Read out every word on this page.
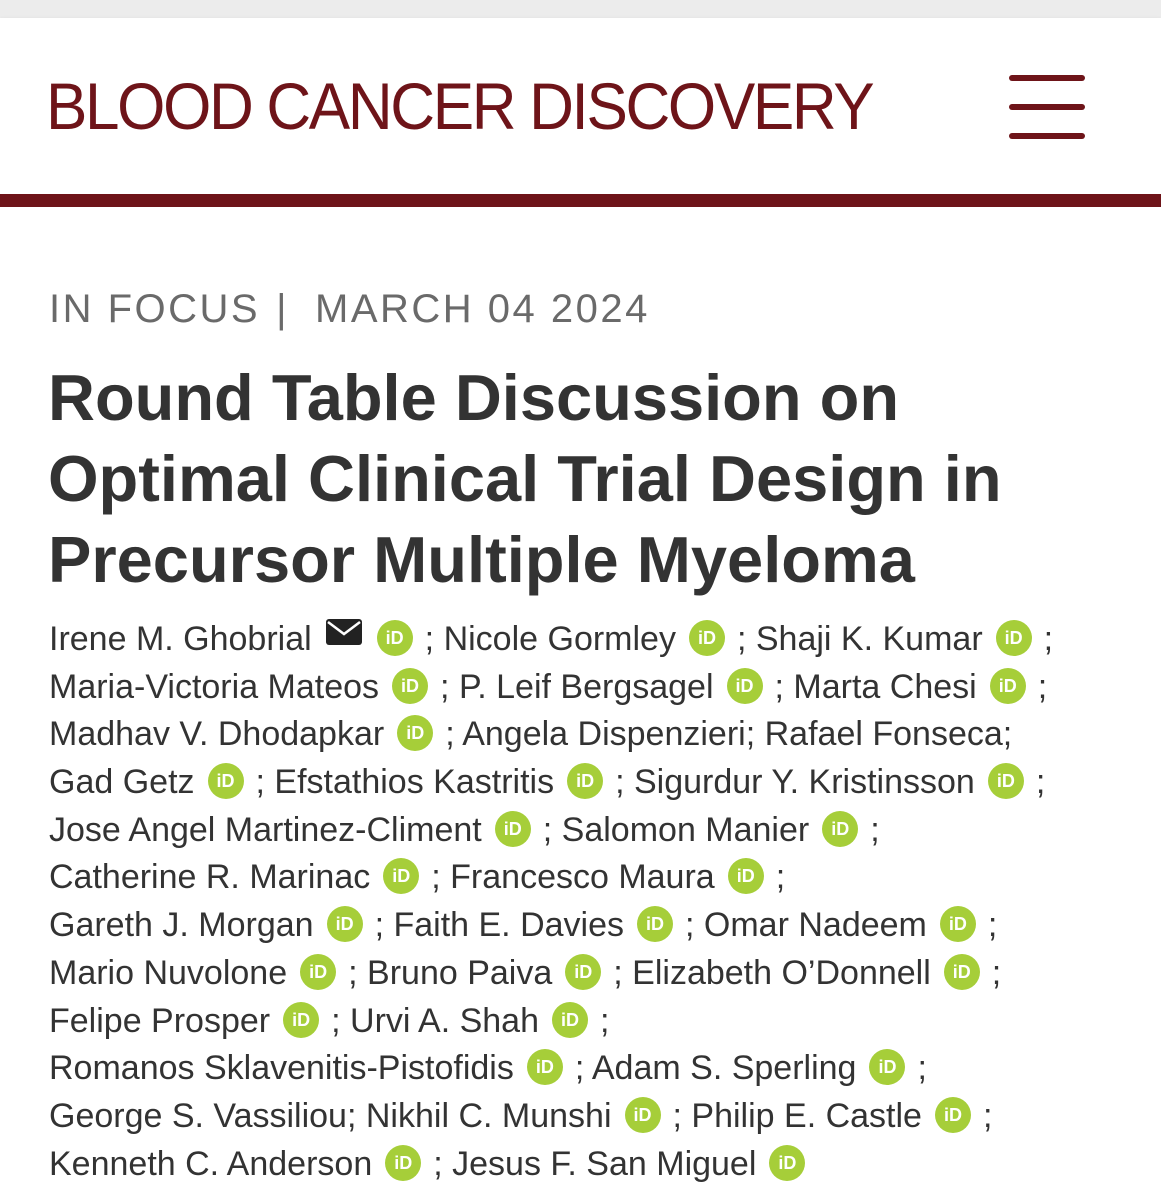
BLOOD CANCER DISCOVERY
IN FOCUS | MARCH 04 2024
Round Table Discussion on
Optimal Clinical Trial Design in
Precursor Multiple Myeloma
Irene M. Ghobrial	iD ; Nicole Gormley iD ; Shaji K. Kumar iD ;
Maria-Victoria Mateos iD ; P. Leif Bergsagel iD ; Marta Chesi iD ;
Madhav V. Dhodapkar iD ; Angela Dispenzieri; Rafael Fonseca;
Gad Getz iD ; Efstathios Kastritis iD ; Sigurdur Y. Kristinsson iD ;
Jose Angel Martinez-Climent iD ; Salomon Manier iD ;
Catherine R. Marinac iD ; Francesco Maura iD ;
Gareth J. Morgan iD ; Faith E. Davies iD ; Omar Nadeem iD ;
Mario Nuvolone iD ; Bruno Paiva iD ; Elizabeth O’Donnell iD ;
Felipe Prosper iD ; Urvi A. Shah iD ;
Romanos Sklavenitis-Pistofidis iD ; Adam S. Sperling iD ;
George S. Vassiliou; Nikhil C. Munshi iD ; Philip E. Castle iD ;
Kenneth C. Anderson iD ; Jesus F. San Miguel iD
